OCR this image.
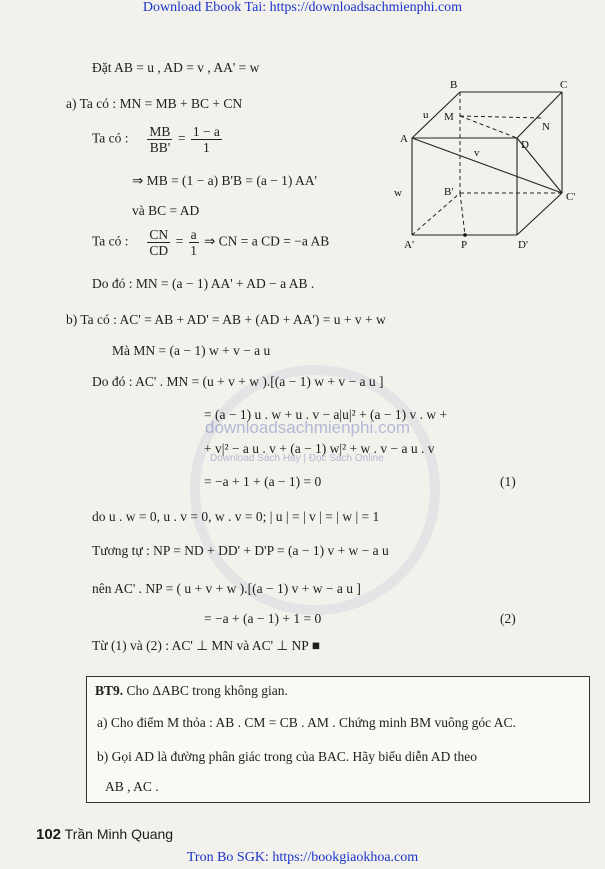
Download Ebook Tai: https://downloadsachmienphi.com
downloadsachmienphi.com
Download Sách Hay | Đọc Sách Online
Đặt AB = u , AD = v , AA' = w
a) Ta có : MN = MB + BC + CN
Ta có : $\frac{MB}{BB'} = \frac{1 - a}{1}$
⇒ MB = (1 − a) B'B = (a − 1) AA'
và BC = AD
Ta có : $\frac{CN}{CD} = \frac{a}{1}$ ⇒ CN = a CD = −a AB
Do đó : MN = (a − 1) AA' + AD − a AB .
b) Ta có : AC' = AB + AD' = AB + (AD + AA') = u + v + w
Mà MN = (a − 1) w + v − a u
Do đó : AC' . MN = (u + v + w ).[(a − 1) w + v − a u ]
= (a − 1) u . w + u . v − a|u|² + (a − 1) v . w +
+ v|² − a u . v + (a − 1) w|² + w . v − a u . v
= −a + 1 + (a − 1) = 0	(1)
do u . w = 0, u . v = 0, w . v = 0; | u | = | v | = | w | = 1
Tương tự : NP = ND + DD' + D'P = (a − 1) v + w − a u
nên AC' . NP = ( u + v + w ).[(a − 1) v + w − a u ]
= −a + (a − 1) + 1 = 0	(2)
Từ (1) và (2) : AC' ⊥ MN và AC' ⊥ NP ■
B	C
A	D
M
N
B'	C'
A'	D'
P
u
v
w
BT9. Cho ΔABC trong không gian.
a) Cho điểm M thỏa : AB . CM = CB . AM . Chứng minh BM vuông góc AC.
b) Gọi AD là đường phân giác trong của BAC. Hãy biểu diễn AD theo
AB , AC .
102 Trần Minh Quang
Tron Bo SGK: https://bookgiaokhoa.com
